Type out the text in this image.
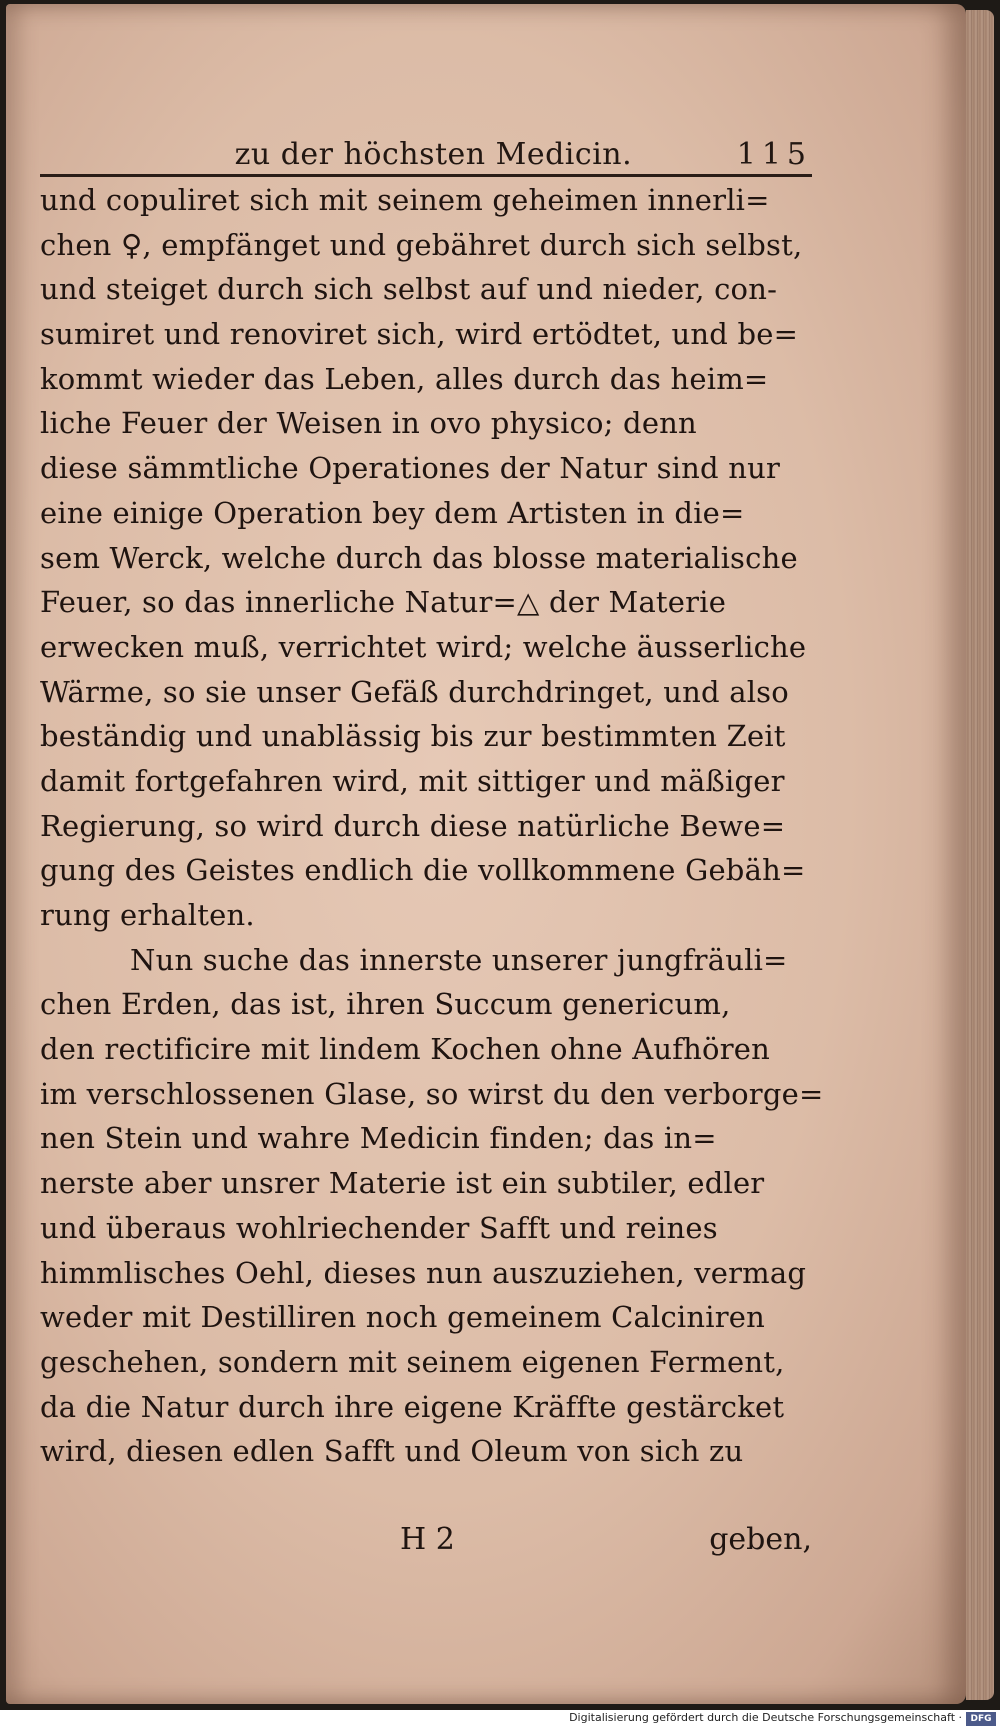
zu der höchsten Medicin.	115
und copuliret sich mit seinem geheimen innerli=
chen ♀, empfänget und gebähret durch sich selbst,
und steiget durch sich selbst auf und nieder, con-
sumiret und renoviret sich, wird ertödtet, und be=
kommt wieder das Leben, alles durch das heim=
liche Feuer der Weisen in ovo physico; denn
diese sämmtliche Operationes der Natur sind nur
eine einige Operation bey dem Artisten in die=
sem Werck, welche durch das blosse materialische
Feuer, so das innerliche Natur=△ der Materie
erwecken muß, verrichtet wird; welche äusserliche
Wärme, so sie unser Gefäß durchdringet, und also
beständig und unablässig bis zur bestimmten Zeit
damit fortgefahren wird, mit sittiger und mäßiger
Regierung, so wird durch diese natürliche Bewe=
gung des Geistes endlich die vollkommene Gebäh=
rung erhalten.
Nun suche das innerste unserer jungfräuli=
chen Erden, das ist, ihren Succum genericum,
den rectificire mit lindem Kochen ohne Aufhören
im verschlossenen Glase, so wirst du den verborge=
nen Stein und wahre Medicin finden; das in=
nerste aber unsrer Materie ist ein subtiler, edler
und überaus wohlriechender Safft und reines
himmlisches Oehl, dieses nun auszuziehen, vermag
weder mit Destilliren noch gemeinem Calciniren
geschehen, sondern mit seinem eigenen Ferment,
da die Natur durch ihre eigene Kräffte gestärcket
wird, diesen edlen Safft und Oleum von sich zu
H 2	geben,
Digitalisierung gefördert durch die Deutsche Forschungsgemeinschaft · DFG
